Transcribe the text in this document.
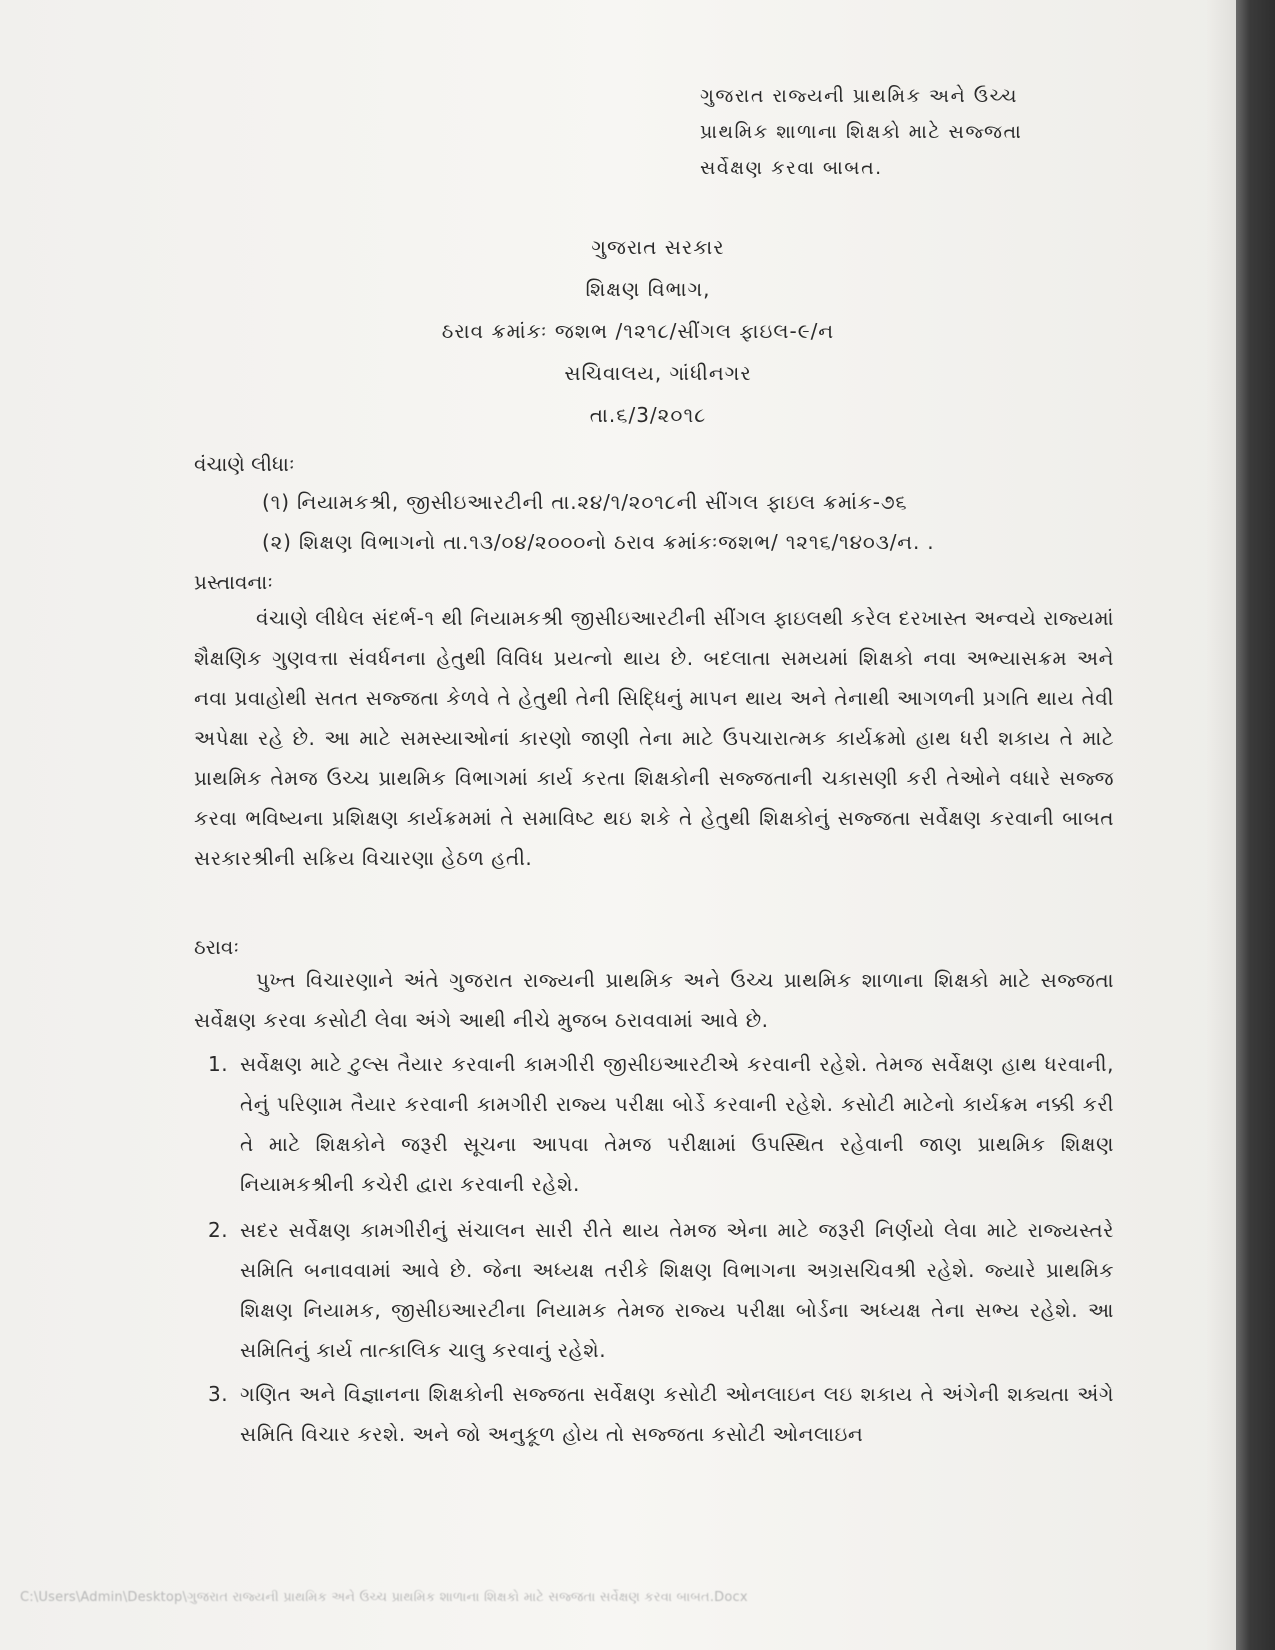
ગુજરાત રાજ્યની પ્રાથમિક અને ઉચ્ચ
પ્રાથમિક શાળાના શિક્ષકો માટે સજ્જતા
સર્વેક્ષણ કરવા બાબત.
ગુજરાત સરકાર
શિક્ષણ વિભાગ,
ઠરાવ ક્રમાંકઃ જશભ /૧૨૧૮/સીંગલ ફાઇલ-૯/ન
સચિવાલય, ગાંધીનગર
તા.૬/3/૨૦૧૮
વંચાણે લીધાઃ
(૧) નિયામકશ્રી, જીસીઇઆરટીની તા.૨૪/૧/૨૦૧૮ની સીંગલ ફાઇલ ક્રમાંક-૭૬
(૨) શિક્ષણ વિભાગનો તા.૧૩/૦૪/૨૦૦૦નો ઠરાવ ક્રમાંકઃજશભ/ ૧૨૧૬/૧૪૦૩/ન. .
પ્રસ્તાવનાઃ
વંચાણે લીધેલ સંદર્ભ-૧ થી નિયામકશ્રી જીસીઇઆરટીની સીંગલ ફાઇલથી કરેલ દરખાસ્ત અન્વયે રાજ્યમાં શૈક્ષણિક ગુણવત્તા સંવર્ધનના હેતુથી વિવિધ પ્રયત્નો થાય છે. બદલાતા સમયમાં શિક્ષકો નવા અભ્યાસક્રમ અને નવા પ્રવાહોથી સતત સજ્જતા કેળવે તે હેતુથી તેની સિદ્ધિનું માપન થાય અને તેનાથી આગળની પ્રગતિ થાય તેવી અપેક્ષા રહે છે. આ માટે સમસ્યાઓનાં કારણો જાણી તેના માટે ઉપચારાત્મક કાર્યક્રમો હાથ ધરી શકાય તે માટે પ્રાથમિક તેમજ ઉચ્ચ પ્રાથમિક વિભાગમાં કાર્ય કરતા શિક્ષકોની સજ્જતાની ચકાસણી કરી તેઓને વધારે સજ્જ કરવા ભવિષ્યના પ્રશિક્ષણ કાર્યક્રમમાં તે સમાવિષ્ટ થઇ શકે તે હેતુથી શિક્ષકોનું સજ્જતા સર્વેક્ષણ કરવાની બાબત સરકારશ્રીની સક્રિય વિચારણા હેઠળ હતી.
ઠરાવઃ
પુખ્ત વિચારણાને અંતે ગુજરાત રાજ્યની પ્રાથમિક અને ઉચ્ચ પ્રાથમિક શાળાના શિક્ષકો માટે સજ્જતા સર્વેક્ષણ કરવા કસોટી લેવા અંગે આથી નીચે મુજબ ઠરાવવામાં આવે છે.
1. સર્વેક્ષણ માટે ટુલ્સ તૈયાર કરવાની કામગીરી જીસીઇઆરટીએ કરવાની રહેશે. તેમજ સર્વેક્ષણ હાથ ધરવાની, તેનું પરિણામ તૈયાર કરવાની કામગીરી રાજ્ય પરીક્ષા બોર્ડે કરવાની રહેશે. કસોટી માટેનો કાર્યક્રમ નક્કી કરી તે માટે શિક્ષકોને જરૂરી સૂચના આપવા તેમજ પરીક્ષામાં ઉપસ્થિત રહેવાની જાણ પ્રાથમિક શિક્ષણ નિયામકશ્રીની કચેરી દ્વારા કરવાની રહેશે.
2. સદર સર્વેક્ષણ કામગીરીનું સંચાલન સારી રીતે થાય તેમજ એના માટે જરૂરી નિર્ણયો લેવા માટે રાજ્યસ્તરે સમિતિ બનાવવામાં આવે છે. જેના અધ્યક્ષ તરીકે શિક્ષણ વિભાગના અગ્રસચિવશ્રી રહેશે. જ્યારે પ્રાથમિક શિક્ષણ નિયામક, જીસીઇઆરટીના નિયામક તેમજ રાજ્ય પરીક્ષા બોર્ડના અધ્યક્ષ તેના સભ્ય રહેશે. આ સમિતિનું કાર્ય તાત્કાલિક ચાલુ કરવાનું રહેશે.
3. ગણિત અને વિજ્ઞાનના શિક્ષકોની સજ્જતા સર્વેક્ષણ કસોટી ઓનલાઇન લઇ શકાય તે અંગેની શક્યતા અંગે સમિતિ વિચાર કરશે. અને જો અનુકૂળ હોય તો સજ્જતા કસોટી ઓનલાઇન
C:\Users\Admin\Desktop\ગુજરાત રાજ્યની પ્રાથમિક અને ઉચ્ચ પ્રાથમિક શાળાના શિક્ષકો માટે સજ્જતા સર્વેક્ષણ કરવા બાબત.Docx
